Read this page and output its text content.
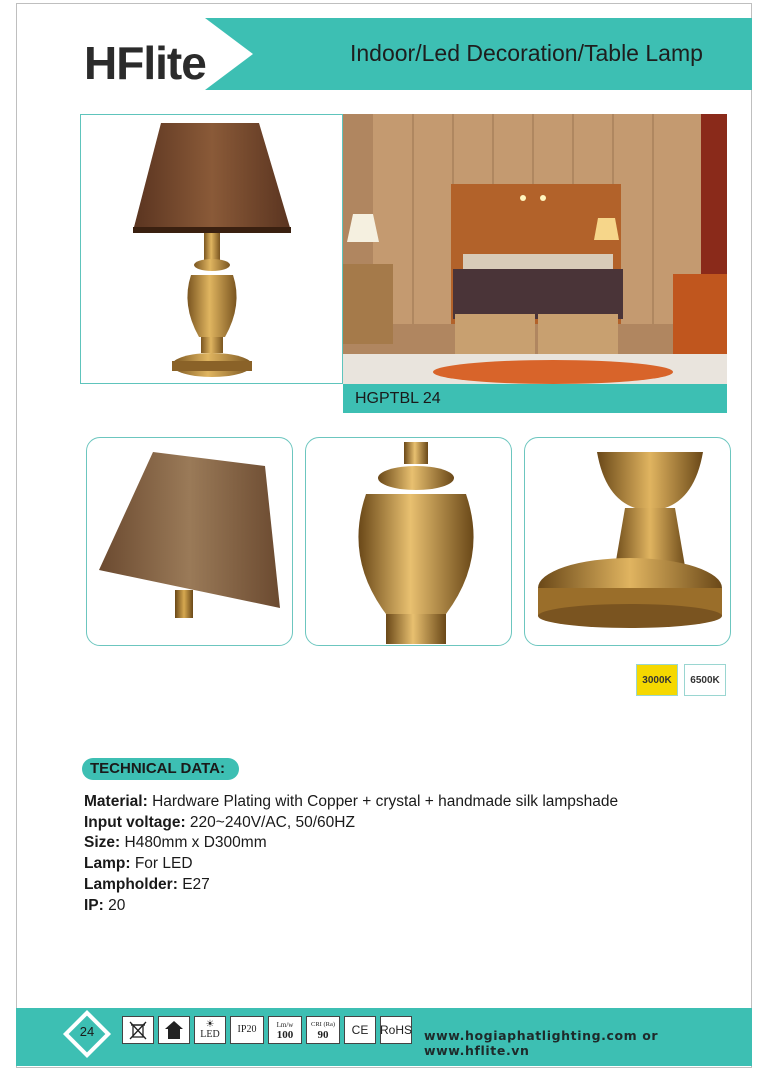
HFlite	Indoor/Led Decoration/Table Lamp
HGPTBL 24
3000K	6500K
TECHNICAL DATA:
Material: Hardware Plating with Copper + crystal + handmade silk lampshade
Input voltage: 220~240V/AC, 50/60HZ
Size: H480mm x D300mm
Lamp: For LED
Lampholder: E27
IP: 20
24	☀
LED IP20	Lm/w
100
CRI (Ra)
90 CE RoHS www.hogiaphatlighting.com or www.hflite.vn
